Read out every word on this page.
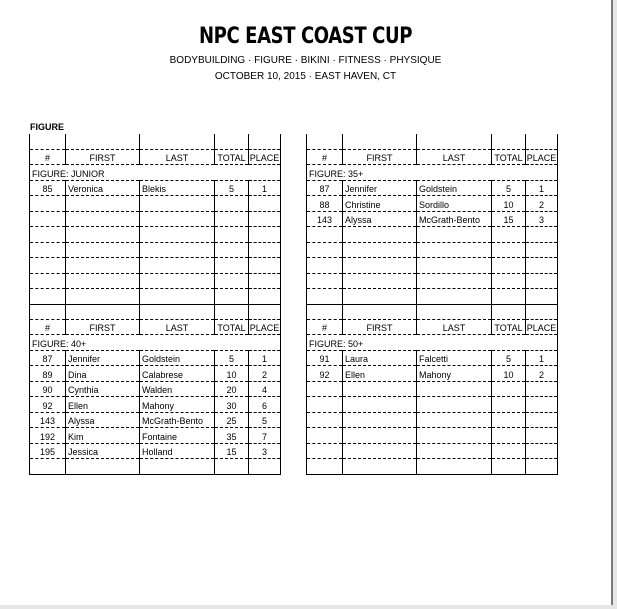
NPC EAST COAST CUP
BODYBUILDING · FIGURE · BIKINI · FITNESS · PHYSIQUE
OCTOBER 10, 2015 · EAST HAVEN, CT
FIGURE

#	FIRST	LAST	TOTAL	PLACE
FIGURE: JUNIOR				
85	Veronica	Blekis	5	1

#	FIRST	LAST	TOTAL	PLACE
FIGURE: 35+				
87	Jennifer	Goldstein	5	1
88	Christine	Sordillo	10	2
143	Alyssa	McGrath-Bento	15	3

#	FIRST	LAST	TOTAL	PLACE
FIGURE: 40+				
87	Jennifer	Goldstein	5	1
89	Dina	Calabrese	10	2
90	Cynthia	Walden	20	4
92	Ellen	Mahony	30	6
143	Alyssa	McGrath-Bento	25	5
192	Kim	Fontaine	35	7
195	Jessica	Holland	15	3

#	FIRST	LAST	TOTAL	PLACE
FIGURE: 50+				
91	Laura	Falcetti	5	1
92	Ellen	Mahony	10	2
